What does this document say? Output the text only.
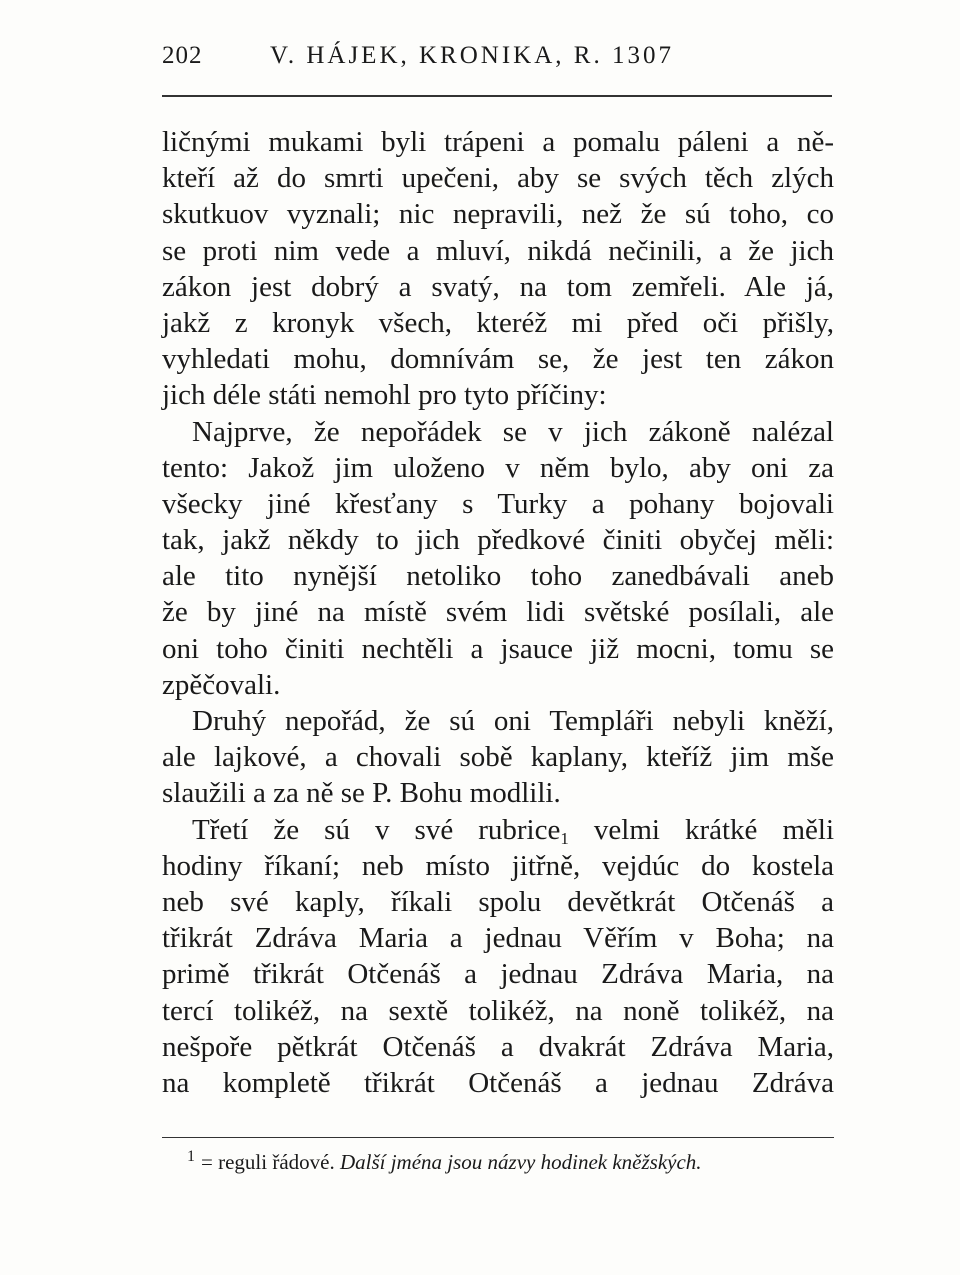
202	V. HÁJEK, KRONIKA, R. 1307
ličnými mukami byli trápeni a pomalu páleni a ně-
kteří až do smrti upečeni, aby se svých těch zlých
skutkuov vyznali; nic nepravili, než že sú toho, co
se proti nim vede a mluví, nikdá nečinili, a že jich
zákon jest dobrý a svatý, na tom zemřeli. Ale já,
jakž z kronyk všech, kteréž mi před oči přišly,
vyhledati mohu, domnívám se, že jest ten zákon
jich déle státi nemohl pro tyto příčiny:
Najprve, že nepořádek se v jich zákoně nalézal
tento: Jakož jim uloženo v něm bylo, aby oni za
všecky jiné křesťany s Turky a pohany bojovali
tak, jakž někdy to jich předkové činiti obyčej měli:
ale tito nynější netoliko toho zanedbávali aneb
že by jiné na místě svém lidi světské posílali, ale
oni toho činiti nechtěli a jsauce již mocni, tomu se
zpěčovali.
Druhý nepořád, že sú oni Templáři nebyli kněží,
ale lajkové, a chovali sobě kaplany, kteříž jim mše
slaužili a za ně se P. Bohu modlili.
Třetí že sú v své rubrice$_1$ velmi krátké měli
hodiny říkaní; neb místo jitřně, vejdúc do kostela
neb své kaply, říkali spolu devětkrát Otčenáš a
třikrát Zdráva Maria a jednau Věřím v Boha; na
primě třikrát Otčenáš a jednau Zdráva Maria, na
tercí tolikéž, na sextě tolikéž, na noně tolikéž, na
nešpoře pětkrát Otčenáš a dvakrát Zdráva Maria,
na kompletě třikrát Otčenáš a jednau Zdráva
$^1$ = reguli řádové. Další jména jsou názvy hodinek kněžských.
